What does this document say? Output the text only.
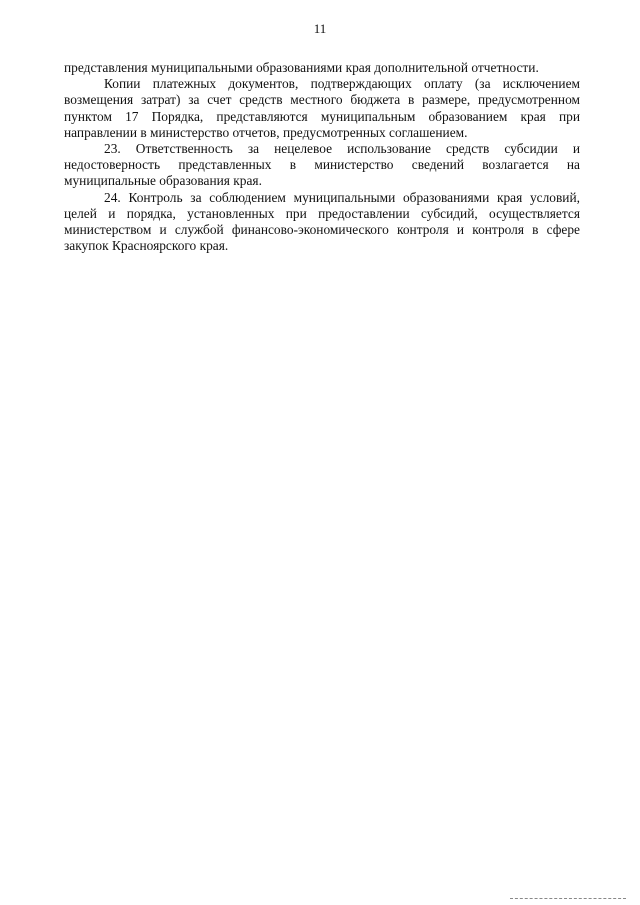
11

представления муниципальными образованиями края дополнительной отчетности.

Копии платежных документов, подтверждающих оплату (за исключением возмещения затрат) за счет средств местного бюджета в размере, предусмотренном пунктом 17 Порядка, представляются муниципальным образованием края при направлении в министерство отчетов, предусмотренных соглашением.

23. Ответственность за нецелевое использование средств субсидии и недостоверность представленных в министерство сведений возлагается на муниципальные образования края.

24. Контроль за соблюдением муниципальными образованиями края условий, целей и порядка, установленных при предоставлении субсидий, осуществляется министерством и службой финансово-экономического контроля и контроля в сфере закупок Красноярского края.
